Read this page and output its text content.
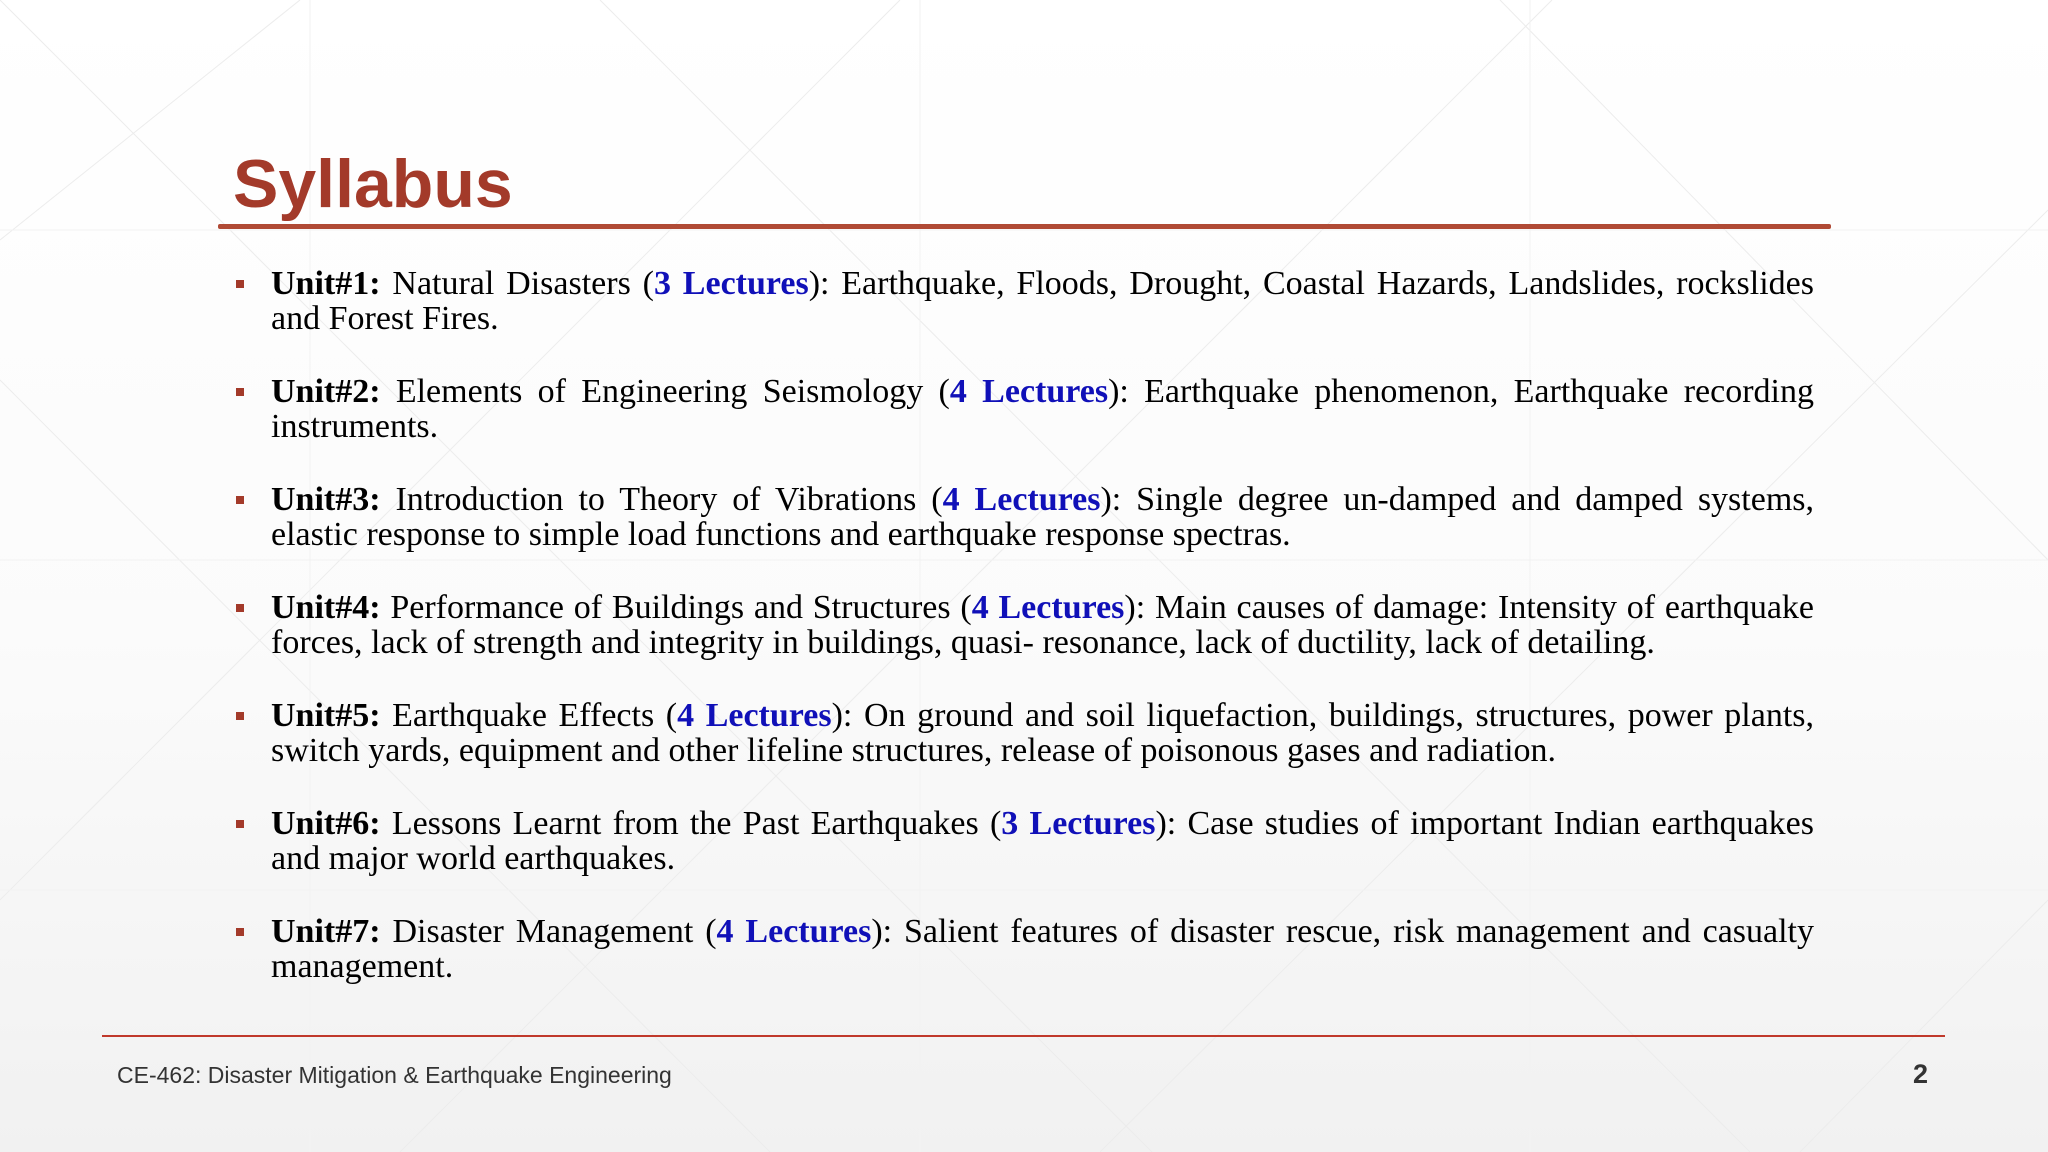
Syllabus
Unit#1: Natural Disasters (3 Lectures): Earthquake, Floods, Drought, Coastal Hazards, Landslides, rockslides and Forest Fires.
Unit#2: Elements of Engineering Seismology (4 Lectures): Earthquake phenomenon, Earthquake recording instruments.
Unit#3: Introduction to Theory of Vibrations (4 Lectures): Single degree un-damped and damped systems, elastic response to simple load functions and earthquake response spectras.
Unit#4: Performance of Buildings and Structures (4 Lectures): Main causes of damage: Intensity of earthquake forces, lack of strength and integrity in buildings, quasi- resonance, lack of ductility, lack of detailing.
Unit#5: Earthquake Effects (4 Lectures): On ground and soil liquefaction, buildings, structures, power plants, switch yards, equipment and other lifeline structures, release of poisonous gases and radiation.
Unit#6: Lessons Learnt from the Past Earthquakes (3 Lectures): Case studies of important Indian earthquakes and major world earthquakes.
Unit#7: Disaster Management (4 Lectures): Salient features of disaster rescue, risk management and casualty management.
CE-462: Disaster Mitigation & Earthquake Engineering	2
